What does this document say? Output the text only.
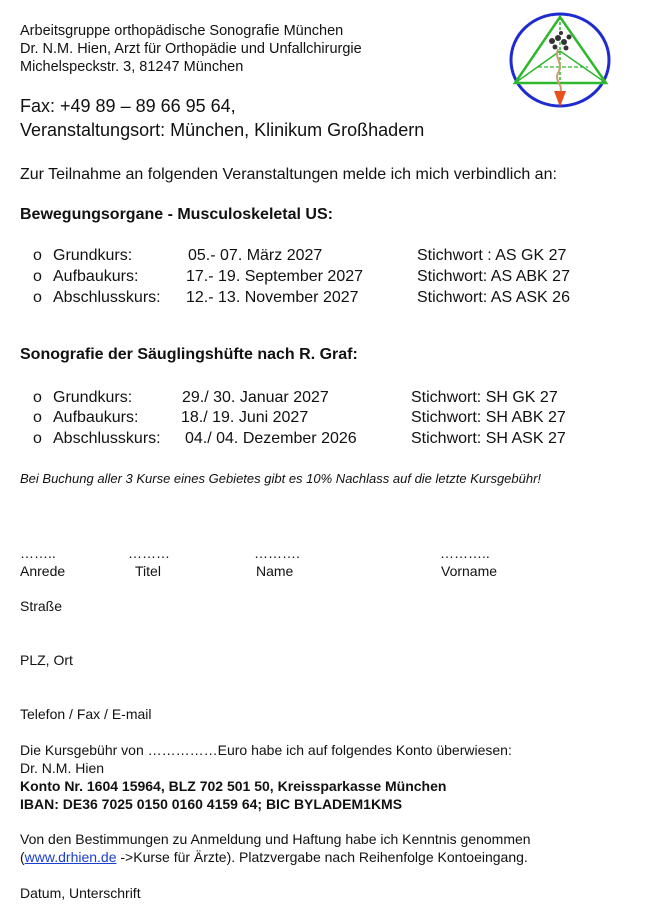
Arbeitsgruppe orthopädische Sonografie München
Dr. N.M. Hien, Arzt für Orthopädie und Unfallchirurgie
Michelspeckstr. 3, 81247 München
Fax: +49 89 – 89 66 95 64,
Veranstaltungsort: München, Klinikum Großhadern
Zur Teilnahme an folgenden Veranstaltungen melde ich mich verbindlich an:
Bewegungsorgane - Musculoskeletal US:
o Grundkurs:	05.- 07. März 2027	Stichwort : AS GK 27
o Aufbaukurs:	17.- 19. September 2027	Stichwort: AS ABK 27
o Abschlusskurs: 12.- 13. November 2027	Stichwort: AS ASK 26
Sonografie der Säuglingshüfte nach R. Graf:
o Grundkurs:	29./ 30. Januar 2027	Stichwort: SH GK 27
o Aufbaukurs:	18./ 19. Juni 2027	Stichwort: SH ABK 27
o Abschlusskurs: 04./ 04. Dezember 2026	Stichwort: SH ASK 27
Bei Buchung aller 3 Kurse eines Gebietes gibt es 10% Nachlass auf die letzte Kursgebühr!
……..	………	……….	………..
Anrede	Titel	Name	Vorname
Straße
PLZ, Ort
Telefon / Fax / E-mail
Die Kursgebühr von ……………Euro habe ich auf folgendes Konto überwiesen:
Dr. N.M. Hien
Konto Nr. 1604 15964, BLZ 702 501 50, Kreissparkasse München
IBAN: DE36 7025 0150 0160 4159 64; BIC BYLADEM1KMS
Von den Bestimmungen zu Anmeldung und Haftung habe ich Kenntnis genommen
(www.drhien.de ->Kurse für Ärzte). Platzvergabe nach Reihenfolge Kontoeingang.
Datum, Unterschrift
